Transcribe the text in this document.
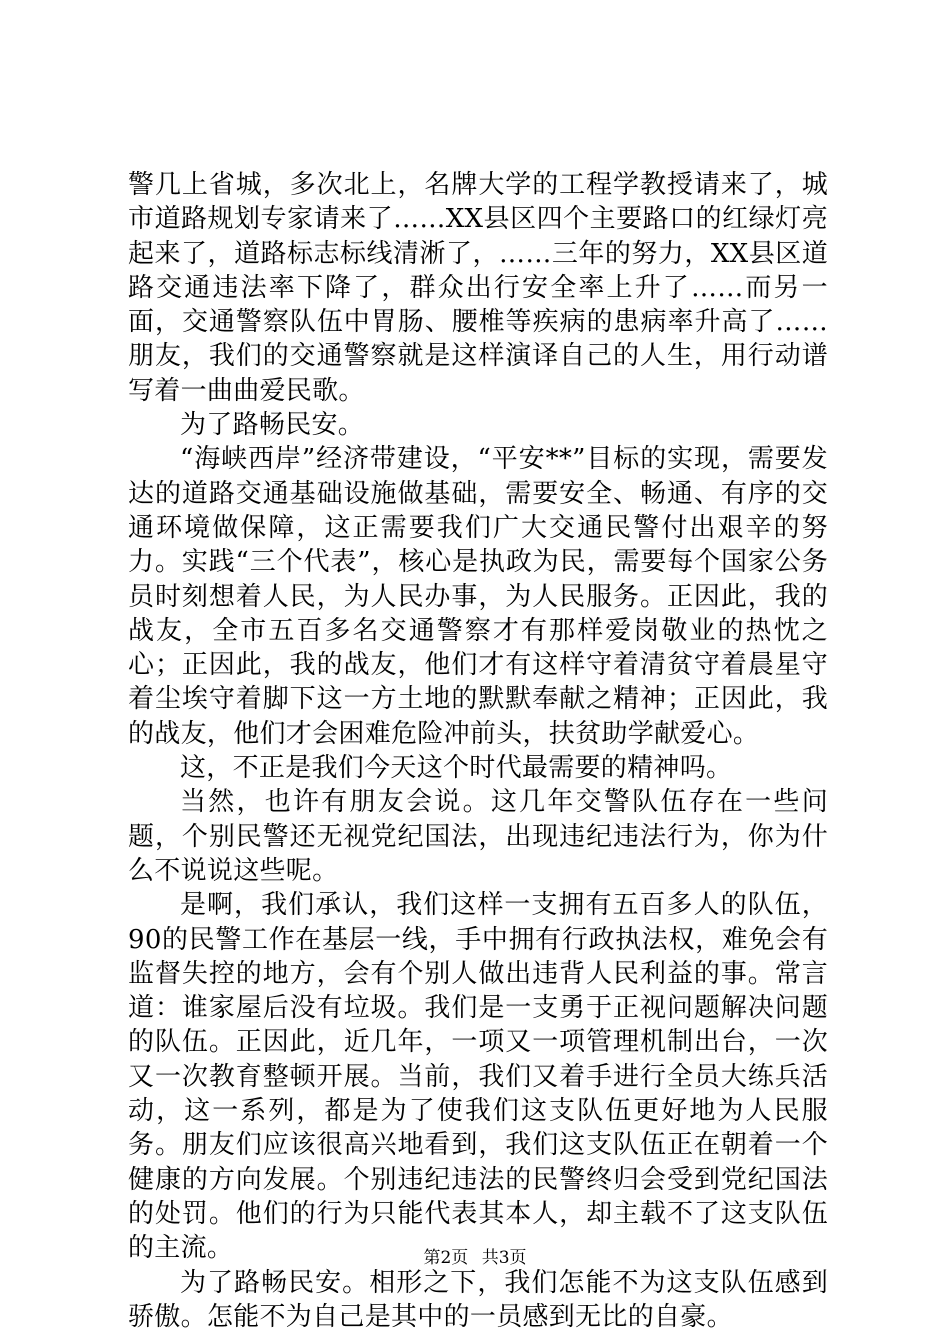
警几上省城，多次北上，名牌大学的工程学教授请来了，城市道路规划专家请来了……XX县区四个主要路口的红绿灯亮起来了，道路标志标线清淅了，……三年的努力，XX县区道路交通违法率下降了，群众出行安全率上升了……而另一面，交通警察队伍中胃肠、腰椎等疾病的患病率升高了……朋友，我们的交通警察就是这样演译自己的人生，用行动谱写着一曲曲爱民歌。

为了路畅民安。

“海峡西岸”经济带建设，“平安**”目标的实现，需要发达的道路交通基础设施做基础，需要安全、畅通、有序的交通环境做保障，这正需要我们广大交通民警付出艰辛的努力。实践“三个代表”，核心是执政为民，需要每个国家公务员时刻想着人民，为人民办事，为人民服务。正因此，我的战友，全市五百多名交通警察才有那样爱岗敬业的热忱之心；正因此，我的战友，他们才有这样守着清贫守着晨星守着尘埃守着脚下这一方土地的默默奉献之精神；正因此，我的战友，他们才会困难危险冲前头，扶贫助学献爱心。

这，不正是我们今天这个时代最需要的精神吗。

当然，也许有朋友会说。这几年交警队伍存在一些问题，个别民警还无视党纪国法，出现违纪违法行为，你为什么不说说这些呢。

是啊，我们承认，我们这样一支拥有五百多人的队伍，90的民警工作在基层一线，手中拥有行政执法权，难免会有监督失控的地方，会有个别人做出违背人民利益的事。常言道：谁家屋后没有垃圾。我们是一支勇于正视问题解决问题的队伍。正因此，近几年，一项又一项管理机制出台，一次又一次教育整顿开展。当前，我们又着手进行全员大练兵活动，这一系列，都是为了使我们这支队伍更好地为人民服务。朋友们应该很高兴地看到，我们这支队伍正在朝着一个健康的方向发展。个别违纪违法的民警终归会受到党纪国法的处罚。他们的行为只能代表其本人，却主载不了这支队伍的主流。

为了路畅民安。相形之下，我们怎能不为这支队伍感到骄傲。怎能不为自己是其中的一员感到无比的自豪。

第2页 共3页
